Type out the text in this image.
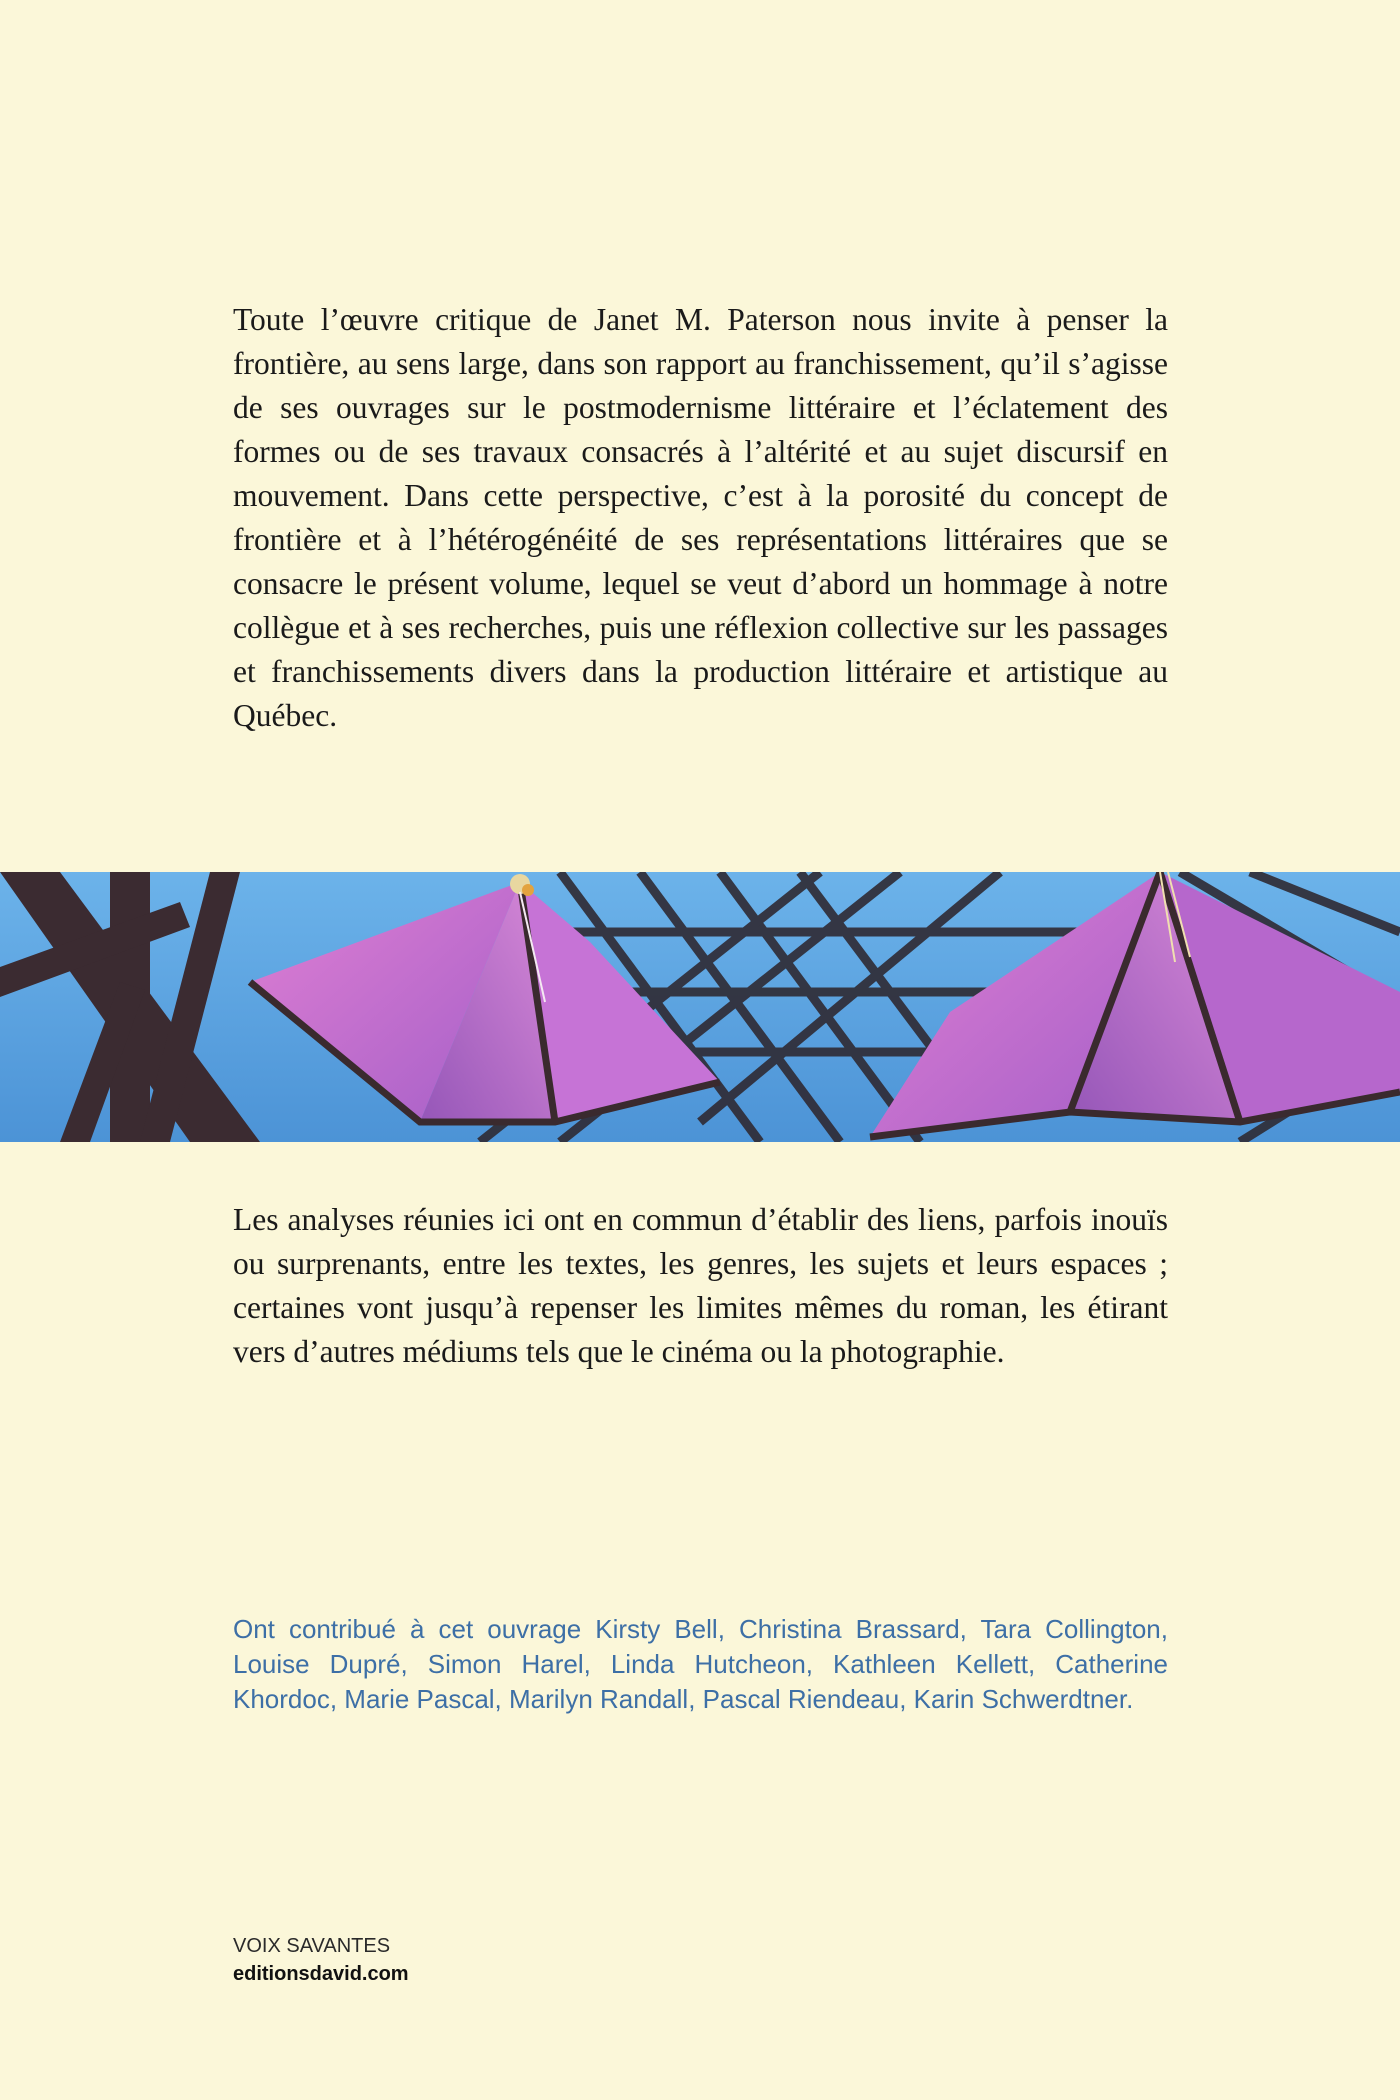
Toute l’œuvre critique de Janet M. Paterson nous invite à penser la frontière, au sens large, dans son rapport au franchissement, qu’il s’agisse de ses ouvrages sur le postmodernisme littéraire et l’éclatement des formes ou de ses travaux consacrés à l’altérité et au sujet discursif en mouvement. Dans cette perspective, c’est à la porosité du concept de frontière et à l’hétérogénéité de ses représentations littéraires que se consacre le présent volume, lequel se veut d’abord un hommage à notre collègue et à ses recherches, puis une réflexion collective sur les passages et franchissements divers dans la production littéraire et artistique au Québec.

Les analyses réunies ici ont en commun d’établir des liens, parfois inouïs ou surprenants, entre les textes, les genres, les sujets et leurs espaces ; certaines vont jusqu’à repenser les limites mêmes du roman, les étirant vers d’autres médiums tels que le cinéma ou la photographie.

Ont contribué à cet ouvrage Kirsty Bell, Christina Brassard, Tara Collington, Louise Dupré, Simon Harel, Linda Hutcheon, Kathleen Kellett, Catherine Khordoc, Marie Pascal, Marilyn Randall, Pascal Riendeau, Karin Schwerdtner.

VOIX SAVANTES

editionsdavid.com
